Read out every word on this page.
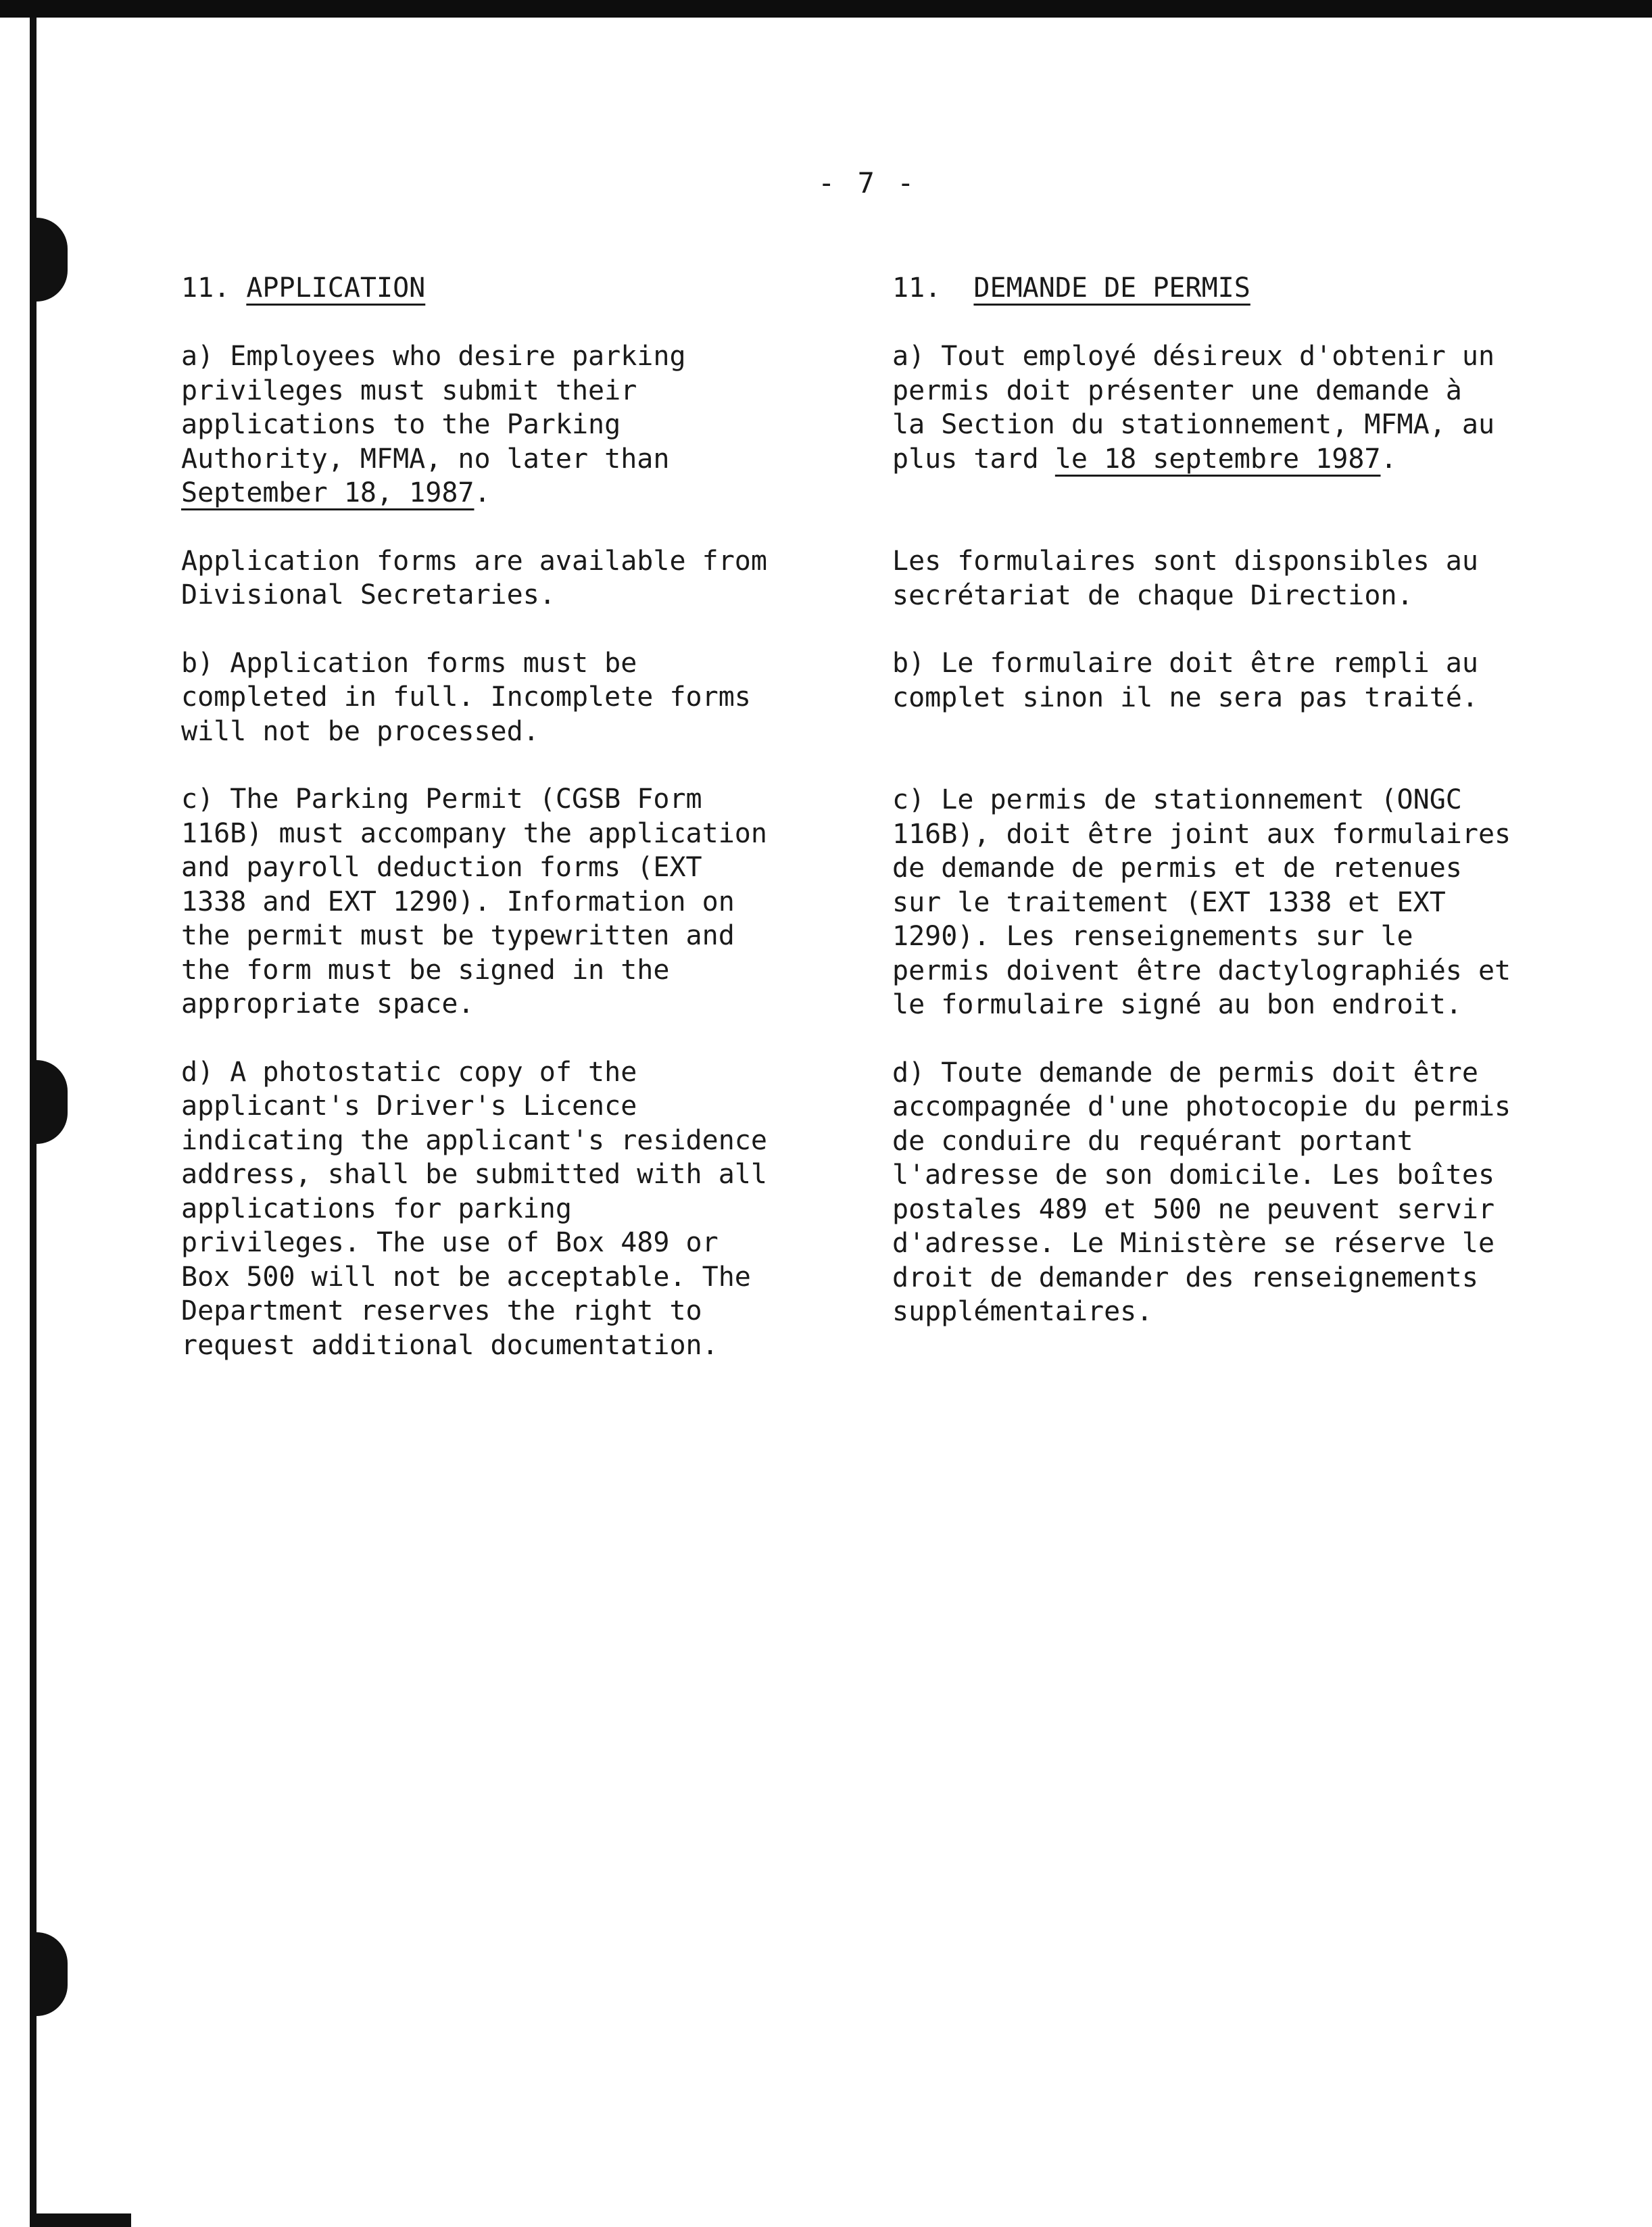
- 7 -
11. APPLICATION

a) Employees who desire parking
privileges must submit their
applications to the Parking
Authority, MFMA, no later than
September 18, 1987.

Application forms are available from
Divisional Secretaries.

b) Application forms must be
completed in full. Incomplete forms
will not be processed.

c) The Parking Permit (CGSB Form
116B) must accompany the application
and payroll deduction forms (EXT
1338 and EXT 1290). Information on
the permit must be typewritten and
the form must be signed in the
appropriate space.

d) A photostatic copy of the
applicant's Driver's Licence
indicating the applicant's residence
address, shall be submitted with all
applications for parking
privileges. The use of Box 489 or
Box 500 will not be acceptable. The
Department reserves the right to
request additional documentation.

11. DEMANDE DE PERMIS

a) Tout employé désireux d'obtenir un
permis doit présenter une demande à
la Section du stationnement, MFMA, au
plus tard le 18 septembre 1987.

Les formulaires sont disponsibles au
secrétariat de chaque Direction.

b) Le formulaire doit être rempli au
complet sinon il ne sera pas traité.

c) Le permis de stationnement (ONGC
116B), doit être joint aux formulaires
de demande de permis et de retenues
sur le traitement (EXT 1338 et EXT
1290). Les renseignements sur le
permis doivent être dactylographiés et
le formulaire signé au bon endroit.

d) Toute demande de permis doit être
accompagnée d'une photocopie du permis
de conduire du requérant portant
l'adresse de son domicile. Les boîtes
postales 489 et 500 ne peuvent servir
d'adresse. Le Ministère se réserve le
droit de demander des renseignements
supplémentaires.
